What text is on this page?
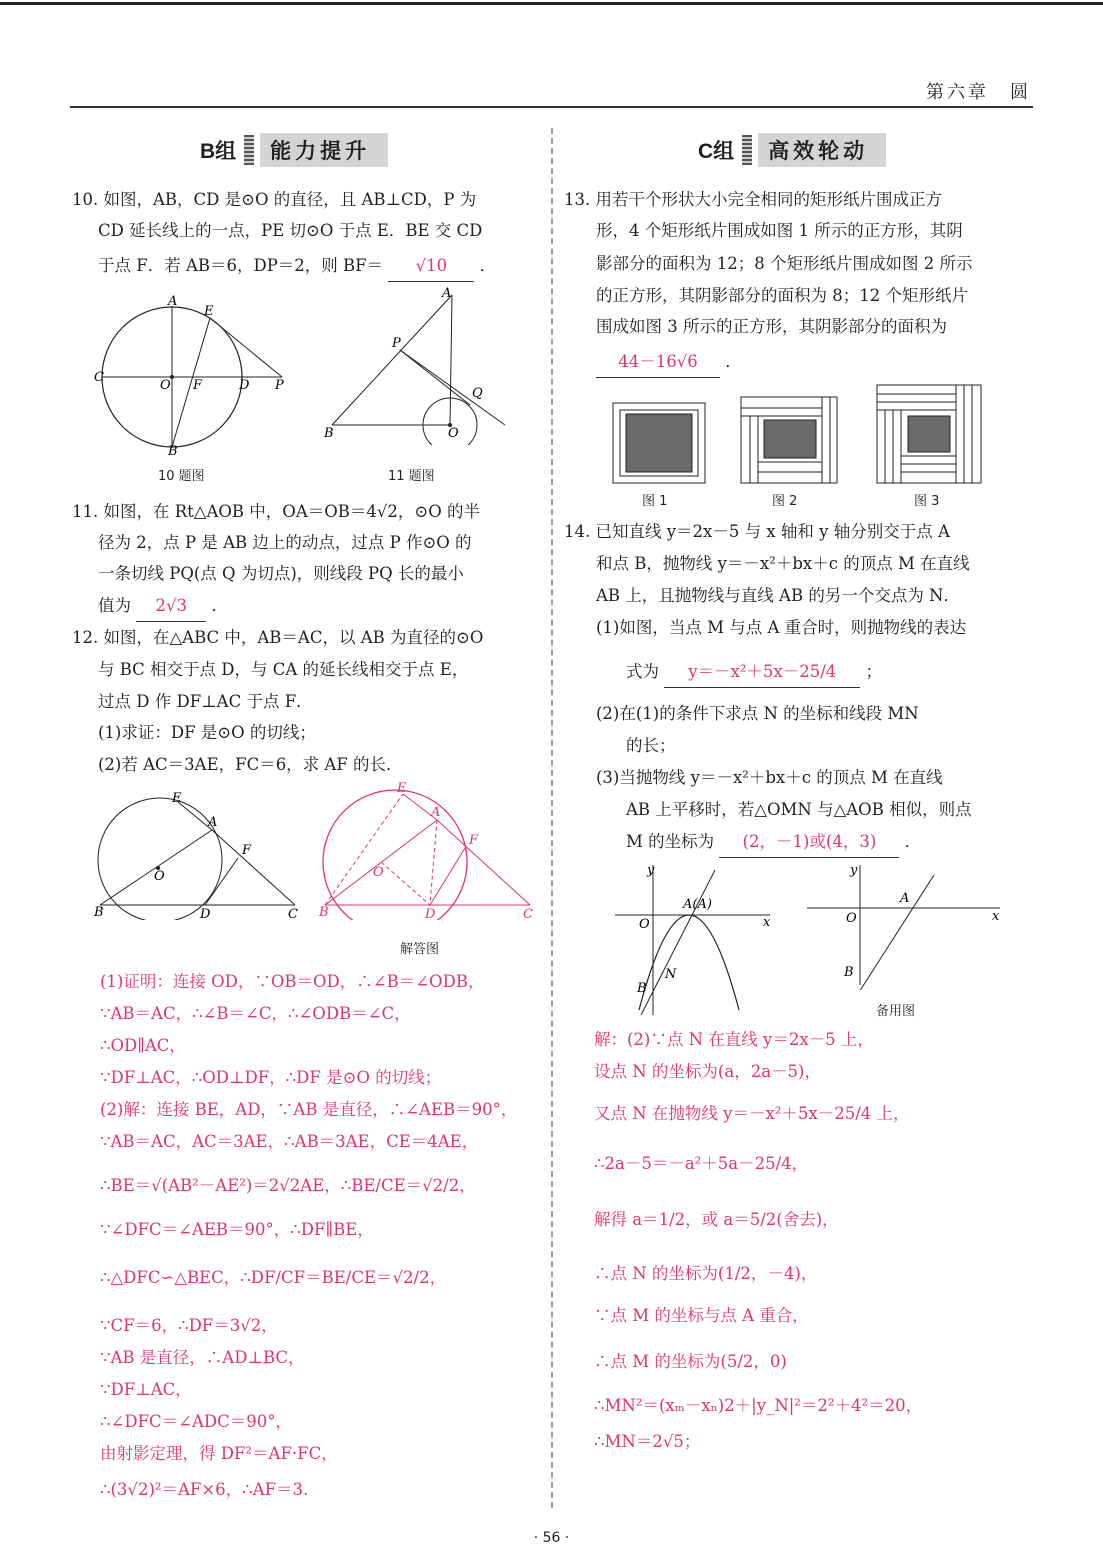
第六章　圆
B组	能力提升	C组	高效轮动
10. 如图，AB，CD 是⊙O 的直径，且 AB⊥CD，P 为
CD 延长线上的一点，PE 切⊙O 于点 E．BE 交 CD
于点 F．若 AB＝6，DP＝2，则 BF＝ √10 ．
A
E
C
O F	D P
B
10 题图
A
P
Q
B	O
11 题图
11. 如图，在 Rt△AOB 中，OA＝OB＝4√2，⊙O 的半
径为 2，点 P 是 AB 边上的动点，过点 P 作⊙O 的
一条切线 PQ(点 Q 为切点)，则线段 PQ 长的最小
值为 2√3 ．
12. 如图，在△ABC 中，AB＝AC，以 AB 为直径的⊙O
与 BC 相交于点 D，与 CA 的延长线相交于点 E，
过点 D 作 DF⊥AC 于点 F．
(1)求证：DF 是⊙O 的切线；
(2)若 AC＝3AE，FC＝6，求 AF 的长．
E
A
F
O
B	D	C
E
A
F
O
B	D	C
解答图
(1)证明：连接 OD，∵OB＝OD，∴∠B＝∠ODB，
∵AB＝AC，∴∠B＝∠C，∴∠ODB＝∠C，
∴OD∥AC，
∵DF⊥AC，∴OD⊥DF，∴DF 是⊙O 的切线；
(2)解：连接 BE，AD，∵AB 是直径，∴∠AEB＝90°，
∵AB＝AC，AC＝3AE，∴AB＝3AE，CE＝4AE，
∴BE＝√(AB²－AE²)＝2√2AE，∴BE/CE＝√2/2，
∵∠DFC＝∠AEB＝90°，∴DF∥BE，
∴△DFC∽△BEC，∴DF/CF＝BE/CE＝√2/2，
∵CF＝6，∴DF＝3√2，
∵AB 是直径，∴AD⊥BC，
∵DF⊥AC，
∴∠DFC＝∠ADC＝90°，
由射影定理，得 DF²＝AF·FC，
∴(3√2)²＝AF×6，∴AF＝3.
13. 用若干个形状大小完全相同的矩形纸片围成正方
形，4 个矩形纸片围成如图 1 所示的正方形，其阴
影部分的面积为 12；8 个矩形纸片围成如图 2 所示
的正方形，其阴影部分的面积为 8；12 个矩形纸片
围成如图 3 所示的正方形，其阴影部分的面积为
44－16√6 ．
图 1	图 2	图 3
14. 已知直线 y＝2x－5 与 x 轴和 y 轴分别交于点 A
和点 B，抛物线 y＝－x²＋bx＋c 的顶点 M 在直线
AB 上，且抛物线与直线 AB 的另一个交点为 N．
(1)如图，当点 M 与点 A 重合时，则抛物线的表达
式为 y＝－x²＋5x－25/4 ；
(2)在(1)的条件下求点 N 的坐标和线段 MN
的长；
(3)当抛物线 y＝－x²＋bx＋c 的顶点 M 在直线
AB 上平移时，若△OMN 与△AOB 相似，则点
M 的坐标为 (2，－1)或(4，3) ．
y
x
O
A(A)
N
B
y
x
O
A
B
备用图
解：(2)∵点 N 在直线 y＝2x－5 上，
设点 N 的坐标为(a，2a－5)，
又点 N 在抛物线 y＝－x²＋5x－25/4 上，
∴2a－5＝－a²＋5a－25/4，
解得 a＝1/2，或 a＝5/2(舍去)，
∴点 N 的坐标为(1/2，－4)，
∵点 M 的坐标与点 A 重合，
∴点 M 的坐标为(5/2，0)
∴MN²＝(xₘ－xₙ)2＋|y_N|²＝2²＋4²＝20，
∴MN＝2√5；
· 56 ·
